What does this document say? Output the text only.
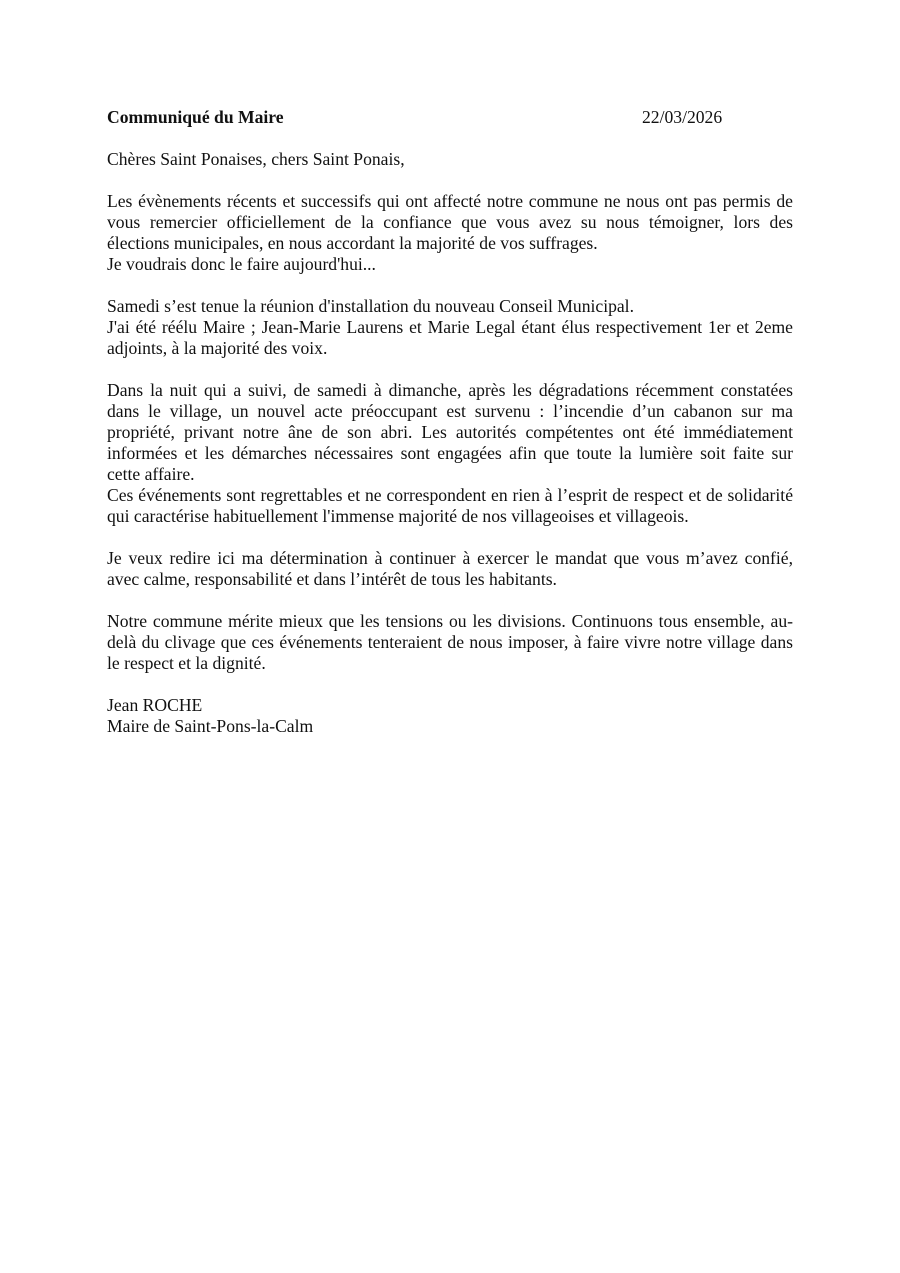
Communiqué du Maire	22/03/2026
Chères Saint Ponaises, chers Saint Ponais,
Les évènements récents et successifs qui ont affecté notre commune ne nous ont pas permis de
vous remercier officiellement de la confiance que vous avez su nous témoigner, lors des
élections municipales, en nous accordant la majorité de vos suffrages.
Je voudrais donc le faire aujourd'hui...
Samedi s’est tenue la réunion d'installation du nouveau Conseil Municipal.
J'ai été réélu Maire ; Jean-Marie Laurens et Marie Legal étant élus respectivement 1er et 2eme
adjoints, à la majorité des voix.
Dans la nuit qui a suivi, de samedi à dimanche, après les dégradations récemment constatées
dans le village, un nouvel acte préoccupant est survenu : l’incendie d’un cabanon sur ma
propriété, privant notre âne de son abri. Les autorités compétentes ont été immédiatement
informées et les démarches nécessaires sont engagées afin que toute la lumière soit faite sur
cette affaire.
Ces événements sont regrettables et ne correspondent en rien à l’esprit de respect et de solidarité
qui caractérise habituellement l'immense majorité de nos villageoises et villageois.
Je veux redire ici ma détermination à continuer à exercer le mandat que vous m’avez confié,
avec calme, responsabilité et dans l’intérêt de tous les habitants.
Notre commune mérite mieux que les tensions ou les divisions. Continuons tous ensemble, au-
delà du clivage que ces événements tenteraient de nous imposer, à faire vivre notre village dans
le respect et la dignité.
Jean ROCHE
Maire de Saint-Pons-la-Calm
